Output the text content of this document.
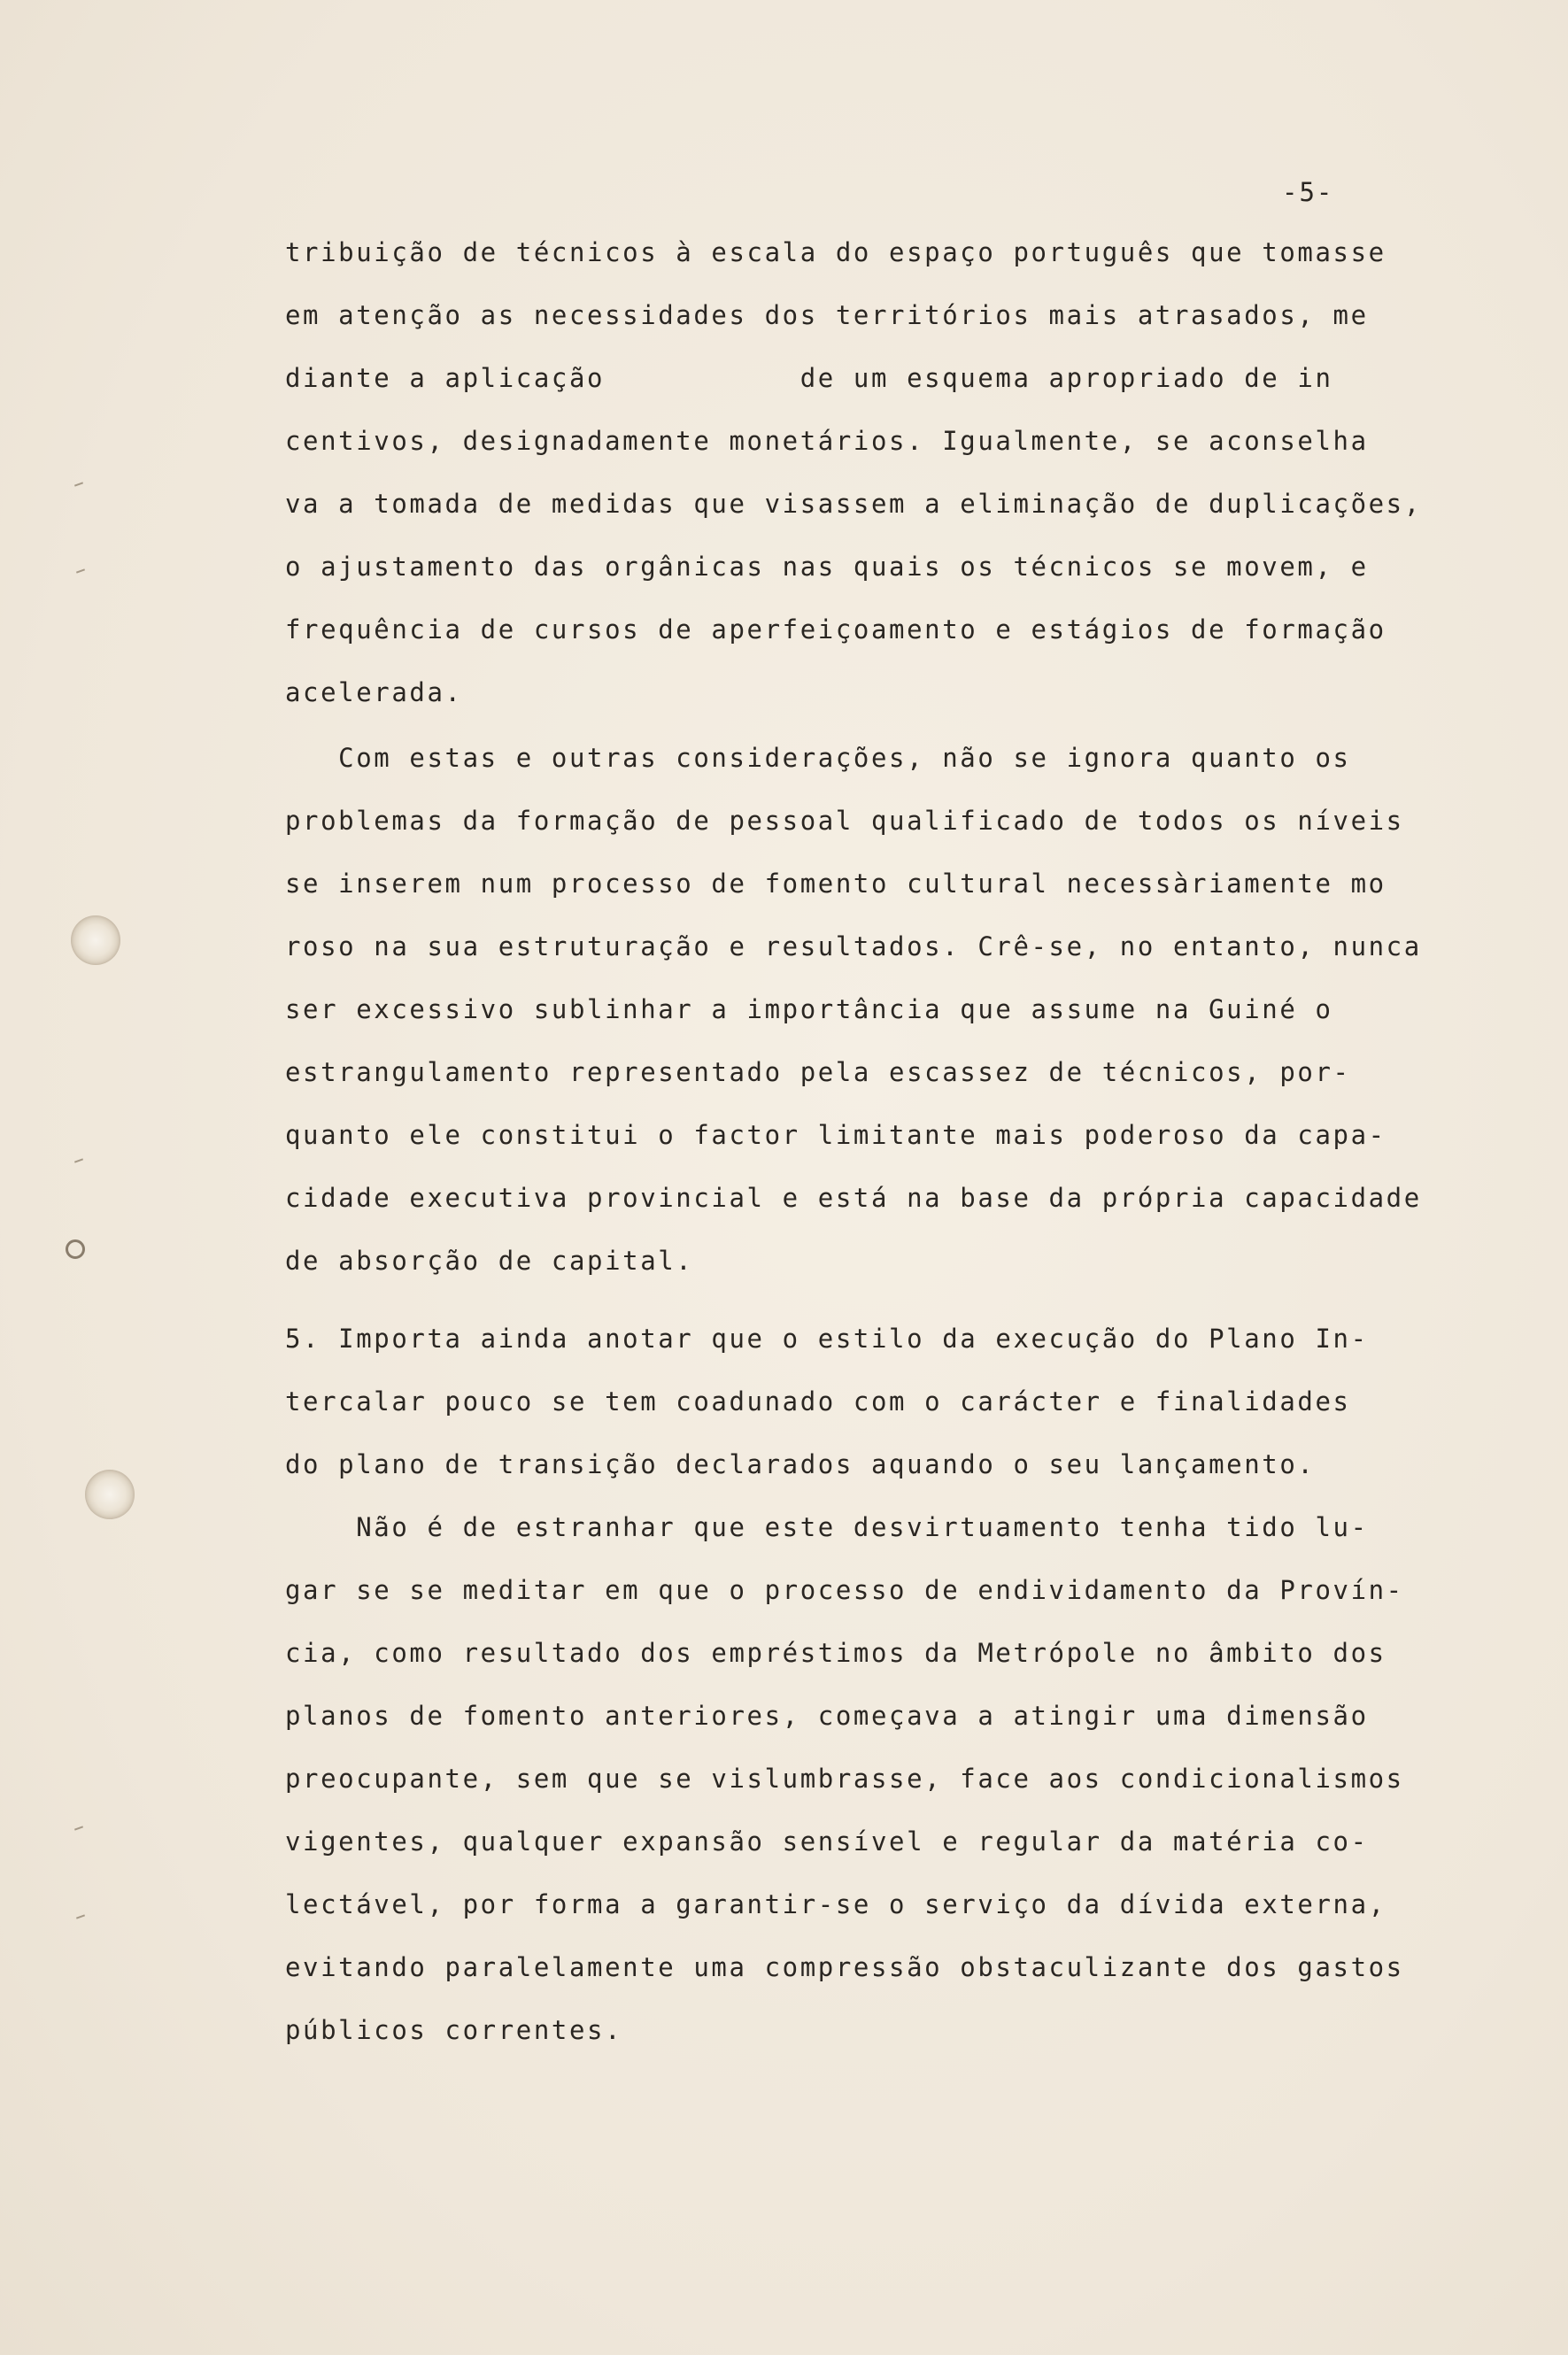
-5-
tribuição de técnicos à escala do espaço português que tomasse
em atenção as necessidades dos territórios mais atrasados, me
diante a aplicação           de um esquema apropriado de in
centivos, designadamente monetários. Igualmente, se aconselha
va a tomada de medidas que visassem a eliminação de duplicações,
o ajustamento das orgânicas nas quais os técnicos se movem, e
frequência de cursos de aperfeiçoamento e estágios de formação
acelerada.
Com estas e outras considerações, não se ignora quanto os
problemas da formação de pessoal qualificado de todos os níveis
se inserem num processo de fomento cultural necessàriamente mo
roso na sua estruturação e resultados. Crê-se, no entanto, nunca
ser excessivo sublinhar a importância que assume na Guiné o
estrangulamento representado pela escassez de técnicos, por-
quanto ele constitui o factor limitante mais poderoso da capa-
cidade executiva provincial e está na base da própria capacidade
de absorção de capital.
5. Importa ainda anotar que o estilo da execução do Plano In-
tercalar pouco se tem coadunado com o carácter e finalidades
do plano de transição declarados aquando o seu lançamento.
Não é de estranhar que este desvirtuamento tenha tido lu-
gar se se meditar em que o processo de endividamento da Provín-
cia, como resultado dos empréstimos da Metrópole no âmbito dos
planos de fomento anteriores, começava a atingir uma dimensão
preocupante, sem que se vislumbrasse, face aos condicionalismos
vigentes, qualquer expansão sensível e regular da matéria co-
lectável, por forma a garantir-se o serviço da dívida externa,
evitando paralelamente uma compressão obstaculizante dos gastos
públicos correntes.
